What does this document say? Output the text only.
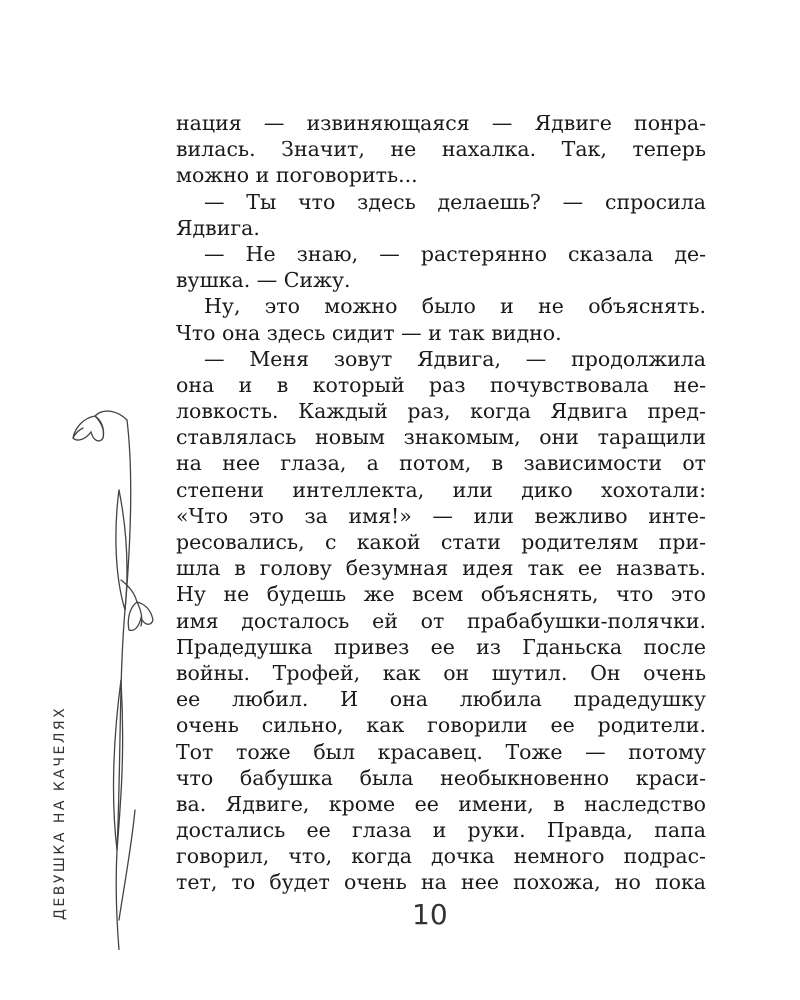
ДЕВУШКА НА КАЧЕЛЯХ
нация — извиняющаяся — Ядвиге понра-
вилась. Значит, не нахалка. Так, теперь
можно и поговорить...
— Ты что здесь делаешь? — спросила
Ядвига.
— Не знаю, — растерянно сказала де-
вушка. — Сижу.
Ну, это можно было и не объяснять.
Что она здесь сидит — и так видно.
— Меня зовут Ядвига, — продолжила
она и в который раз почувствовала не-
ловкость. Каждый раз, когда Ядвига пред-
ставлялась новым знакомым, они таращили
на нее глаза, а потом, в зависимости от
степени интеллекта, или дико хохотали:
«Что это за имя!» — или вежливо инте-
ресовались, с какой стати родителям при-
шла в голову безумная идея так ее назвать.
Ну не будешь же всем объяснять, что это
имя досталось ей от прабабушки-полячки.
Прадедушка привез ее из Гданьска после
войны. Трофей, как он шутил. Он очень
ее любил. И она любила прадедушку
очень сильно, как говорили ее родители.
Тот тоже был красавец. Тоже — потому
что бабушка была необыкновенно краси-
ва. Ядвиге, кроме ее имени, в наследство
достались ее глаза и руки. Правда, папа
говорил, что, когда дочка немного подрас-
тет, то будет очень на нее похожа, но пока
10
